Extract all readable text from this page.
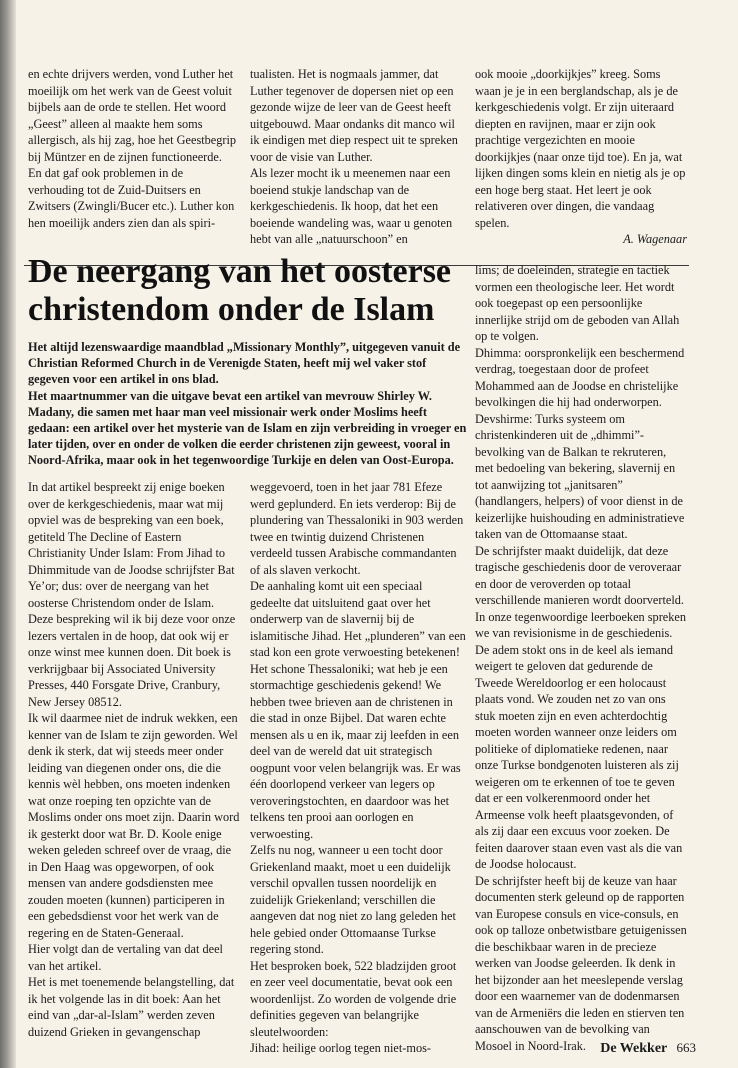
en echte drijvers werden, vond Luther het moeilijk om het werk van de Geest voluit bijbels aan de orde te stellen. Het woord „Geest” alleen al maakte hem soms allergisch, als hij zag, hoe het Geestbegrip bij Müntzer en de zijnen functioneerde.

En dat gaf ook problemen in de verhouding tot de Zuid-Duitsers en Zwitsers (Zwingli/Bucer etc.). Luther kon hen moeilijk anders zien dan als spiri-

tualisten. Het is nogmaals jammer, dat Luther tegenover de dopersen niet op een gezonde wijze de leer van de Geest heeft uitgebouwd. Maar ondanks dit manco wil ik eindigen met diep respect uit te spreken voor de visie van Luther.

Als lezer mocht ik u meenemen naar een boeiend stukje landschap van de kerkgeschiedenis. Ik hoop, dat het een boeiende wandeling was, waar u genoten hebt van alle „natuurschoon” en

ook mooie „doorkijkjes” kreeg. Soms waan je je in een berglandschap, als je de kerkgeschiedenis volgt. Er zijn uiteraard diepten en ravijnen, maar er zijn ook prachtige vergezichten en mooie doorkijkjes (naar onze tijd toe). En ja, wat lijken dingen soms klein en nietig als je op een hoge berg staat. Het leert je ook relativeren over dingen, die vandaag spelen.

A. Wagenaar

De neergang van het oosterse christendom onder de Islam

Het altijd lezenswaardige maandblad „Missionary Monthly”, uitgegeven vanuit de Christian Reformed Church in de Verenigde Staten, heeft mij wel vaker stof gegeven voor een artikel in ons blad.

Het maartnummer van die uitgave bevat een artikel van mevrouw Shirley W. Madany, die samen met haar man veel missionair werk onder Moslims heeft gedaan: een artikel over het mysterie van de Islam en zijn verbreiding in vroeger en later tijden, over en onder de volken die eerder christenen zijn geweest, vooral in Noord-Afrika, maar ook in het tegenwoordige Turkije en delen van Oost-Europa.

In dat artikel bespreekt zij enige boeken over de kerkgeschiedenis, maar wat mij opviel was de bespreking van een boek, getiteld The Decline of Eastern Christianity Under Islam: From Jihad to Dhimmitude van de Joodse schrijfster Bat Ye’or; dus: over de neergang van het oosterse Christendom onder de Islam. Deze bespreking wil ik bij deze voor onze lezers vertalen in de hoop, dat ook wij er onze winst mee kunnen doen. Dit boek is verkrijgbaar bij Associated University Presses, 440 Forsgate Drive, Cranbury, New Jersey 08512.

Ik wil daarmee niet de indruk wekken, een kenner van de Islam te zijn geworden. Wel denk ik sterk, dat wij steeds meer onder leiding van diegenen onder ons, die die kennis wèl hebben, ons moeten indenken wat onze roeping ten opzichte van de Moslims onder ons moet zijn. Daarin word ik gesterkt door wat Br. D. Koole enige weken geleden schreef over de vraag, die in Den Haag was opgeworpen, of ook mensen van andere godsdiensten mee zouden moeten (kunnen) participeren in een gebedsdienst voor het werk van de regering en de Staten-Generaal.

Hier volgt dan de vertaling van dat deel van het artikel.

Het is met toenemende belangstelling, dat ik het volgende las in dit boek: Aan het eind van „dar-al-Islam” werden zeven duizend Grieken in gevangenschap

weggevoerd, toen in het jaar 781 Efeze werd geplunderd. En iets verderop: Bij de plundering van Thessaloniki in 903 werden twee en twintig duizend Christenen verdeeld tussen Arabische commandanten of als slaven verkocht.

De aanhaling komt uit een speciaal gedeelte dat uitsluitend gaat over het onderwerp van de slavernij bij de islamitische Jihad. Het „plunderen” van een stad kon een grote verwoesting betekenen!

Het schone Thessaloniki; wat heb je een stormachtige geschiedenis gekend! We hebben twee brieven aan de christenen in die stad in onze Bijbel. Dat waren echte mensen als u en ik, maar zij leefden in een deel van de wereld dat uit strategisch oogpunt voor velen belangrijk was. Er was één doorlopend verkeer van legers op veroveringstochten, en daardoor was het telkens ten prooi aan oorlogen en verwoesting.

Zelfs nu nog, wanneer u een tocht door Griekenland maakt, moet u een duidelijk verschil opvallen tussen noordelijk en zuidelijk Griekenland; verschillen die aangeven dat nog niet zo lang geleden het hele gebied onder Ottomaanse Turkse regering stond.

Het besproken boek, 522 bladzijden groot en zeer veel documentatie, bevat ook een woordenlijst. Zo worden de volgende drie definities gegeven van belangrijke sleutelwoorden:

Jihad: heilige oorlog tegen niet-mos-

lims; de doeleinden, strategie en tactiek vormen een theologische leer. Het wordt ook toegepast op een persoonlijke innerlijke strijd om de geboden van Allah op te volgen.

Dhimma: oorspronkelijk een beschermend verdrag, toegestaan door de profeet Mohammed aan de Joodse en christelijke bevolkingen die hij had onderworpen.

Devshirme: Turks systeem om christenkinderen uit de „dhimmi”-bevolking van de Balkan te rekruteren, met bedoeling van bekering, slavernij en tot aanwijzing tot „janitsaren” (handlangers, helpers) of voor dienst in de keizerlijke huishouding en administratieve taken van de Ottomaanse staat.

De schrijfster maakt duidelijk, dat deze tragische geschiedenis door de veroveraar en door de veroverden op totaal verschillende manieren wordt doorverteld. In onze tegenwoordige leerboeken spreken we van revisionisme in de geschiedenis. De adem stokt ons in de keel als iemand weigert te geloven dat gedurende de Tweede Wereldoorlog er een holocaust plaats vond. We zouden net zo van ons stuk moeten zijn en even achterdochtig moeten worden wanneer onze leiders om politieke of diplomatieke redenen, naar onze Turkse bondgenoten luisteren als zij weigeren om te erkennen of toe te geven dat er een volkerenmoord onder het Armeense volk heeft plaatsgevonden, of als zij daar een excuus voor zoeken. De feiten daarover staan even vast als die van de Joodse holocaust.

De schrijfster heeft bij de keuze van haar documenten sterk geleund op de rapporten van Europese consuls en vice-consuls, en ook op talloze onbetwistbare getuigenissen die beschikbaar waren in de precieze werken van Joodse geleerden. Ik denk in het bijzonder aan het meeslepende verslag door een waarnemer van de dodenmarsen van de Armeniërs die leden en stierven ten aanschouwen van de bevolking van Mosoel in Noord-Irak.	De Wekker 663
